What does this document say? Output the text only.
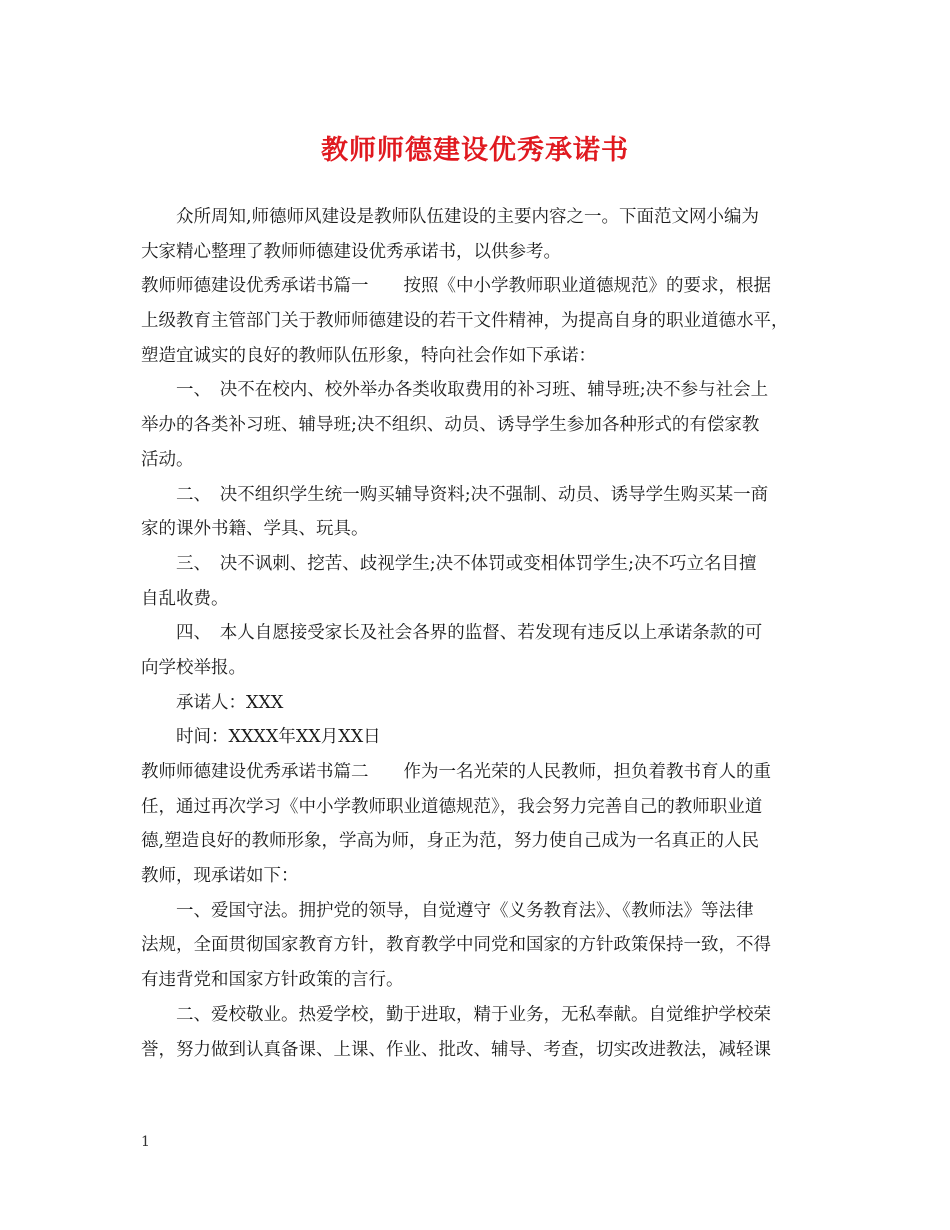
教师师德建设优秀承诺书
众所周知,师德师风建设是教师队伍建设的主要内容之一。下面范文网小编为
大家精心整理了教师师德建设优秀承诺书，以供参考。
教师师德建设优秀承诺书篇一　　按照《中小学教师职业道德规范》的要求，根据
上级教育主管部门关于教师师德建设的若干文件精神，为提高自身的职业道德水平，
塑造宜诚实的良好的教师队伍形象，特向社会作如下承诺：
一、　决不在校内、校外举办各类收取费用的补习班、辅导班;决不参与社会上
举办的各类补习班、辅导班;决不组织、动员、诱导学生参加各种形式的有偿家教
活动。
二、　决不组织学生统一购买辅导资料;决不强制、动员、诱导学生购买某一商
家的课外书籍、学具、玩具。
三、　决不讽刺、挖苦、歧视学生;决不体罚或变相体罚学生;决不巧立名目擅
自乱收费。
四、　本人自愿接受家长及社会各界的监督、若发现有违反以上承诺条款的可
向学校举报。
承诺人：XXX
时间：XXXX年XX月XX日
教师师德建设优秀承诺书篇二　　作为一名光荣的人民教师，担负着教书育人的重
任，通过再次学习《中小学教师职业道德规范》，我会努力完善自己的教师职业道
德,塑造良好的教师形象，学高为师，身正为范，努力使自己成为一名真正的人民
教师，现承诺如下：
一、爱国守法。拥护党的领导，自觉遵守《义务教育法》、《教师法》等法律
法规，全面贯彻国家教育方针，教育教学中同党和国家的方针政策保持一致，不得
有违背党和国家方针政策的言行。
二、爱校敬业。热爱学校，勤于进取，精于业务，无私奉献。自觉维护学校荣
誉，努力做到认真备课、上课、作业、批改、辅导、考查，切实改进教法，减轻课
1
